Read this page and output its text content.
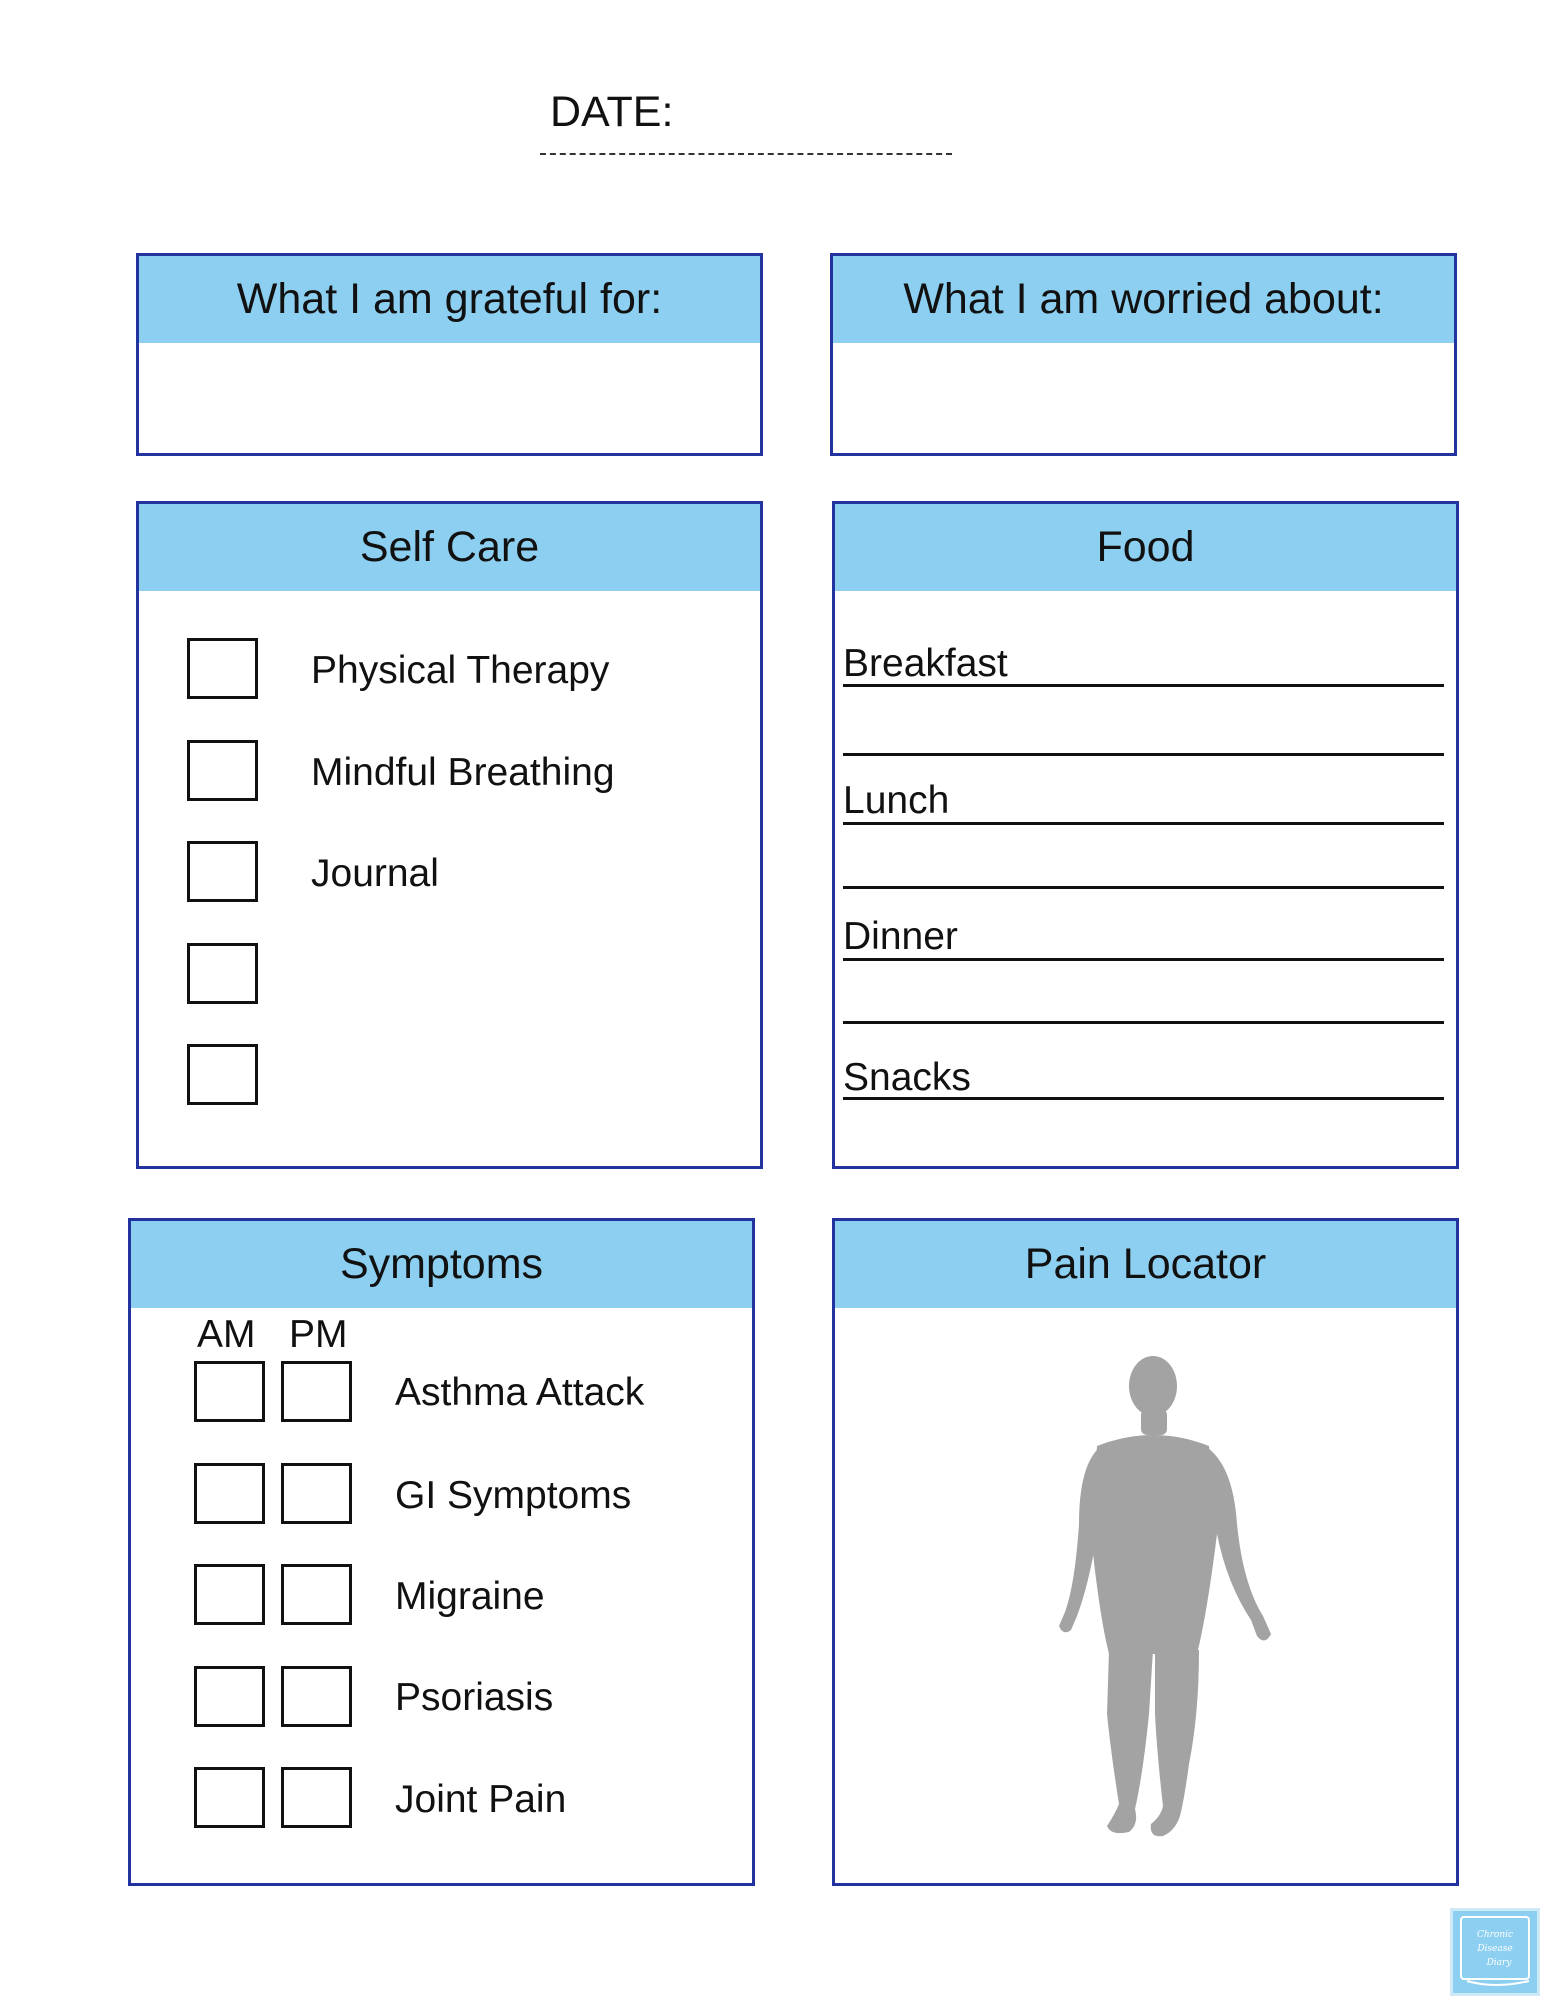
DATE:
What I am grateful for:	What I am worried about:
Self Care
Physical Therapy
Mindful Breathing
Journal
Food
Breakfast
Lunch
Dinner
Snacks
Symptoms
AM PM
Asthma Attack
GI Symptoms
Migraine
Psoriasis
Joint Pain
Pain Locator
Chronic
Disease
Diary
